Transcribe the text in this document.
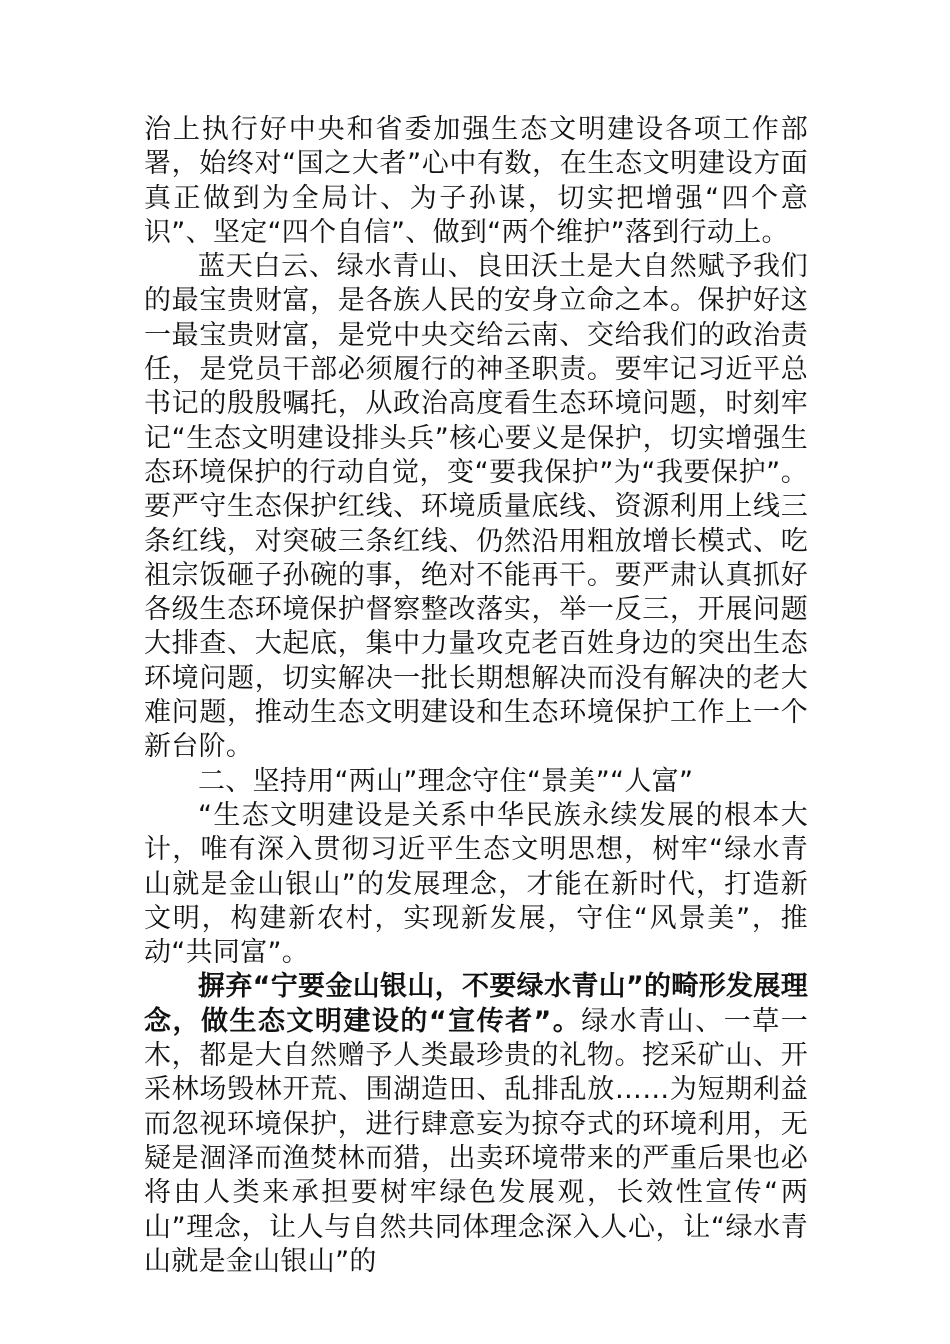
治上执行好中央和省委加强生态文明建设各项工作部署，始终对“国之大者”心中有数，在生态文明建设方面真正做到为全局计、为子孙谋，切实把增强“四个意识”、坚定“四个自信”、做到“两个维护”落到行动上。

蓝天白云、绿水青山、良田沃土是大自然赋予我们的最宝贵财富，是各族人民的安身立命之本。保护好这一最宝贵财富，是党中央交给云南、交给我们的政治责任，是党员干部必须履行的神圣职责。要牢记习近平总书记的殷殷嘱托，从政治高度看生态环境问题，时刻牢记“生态文明建设排头兵”核心要义是保护，切实增强生态环境保护的行动自觉，变“要我保护”为“我要保护”。要严守生态保护红线、环境质量底线、资源利用上线三条红线，对突破三条红线、仍然沿用粗放增长模式、吃祖宗饭砸子孙碗的事，绝对不能再干。要严肃认真抓好各级生态环境保护督察整改落实，举一反三，开展问题大排查、大起底，集中力量攻克老百姓身边的突出生态环境问题，切实解决一批长期想解决而没有解决的老大难问题，推动生态文明建设和生态环境保护工作上一个新台阶。

二、坚持用“两山”理念守住“景美”“人富”

“生态文明建设是关系中华民族永续发展的根本大计，唯有深入贯彻习近平生态文明思想，树牢“绿水青山就是金山银山”的发展理念，才能在新时代，打造新文明，构建新农村，实现新发展，守住“风景美”，推动“共同富”。

摒弃“宁要金山银山，不要绿水青山”的畸形发展理念，做生态文明建设的“宣传者”。绿水青山、一草一木，都是大自然赠予人类最珍贵的礼物。挖采矿山、开采林场毁林开荒、围湖造田、乱排乱放……为短期利益而忽视环境保护，进行肆意妄为掠夺式的环境利用，无疑是涸泽而渔焚林而猎，出卖环境带来的严重后果也必将由人类来承担要树牢绿色发展观，长效性宣传“两山”理念，让人与自然共同体理念深入人心，让“绿水青山就是金山银山”的
